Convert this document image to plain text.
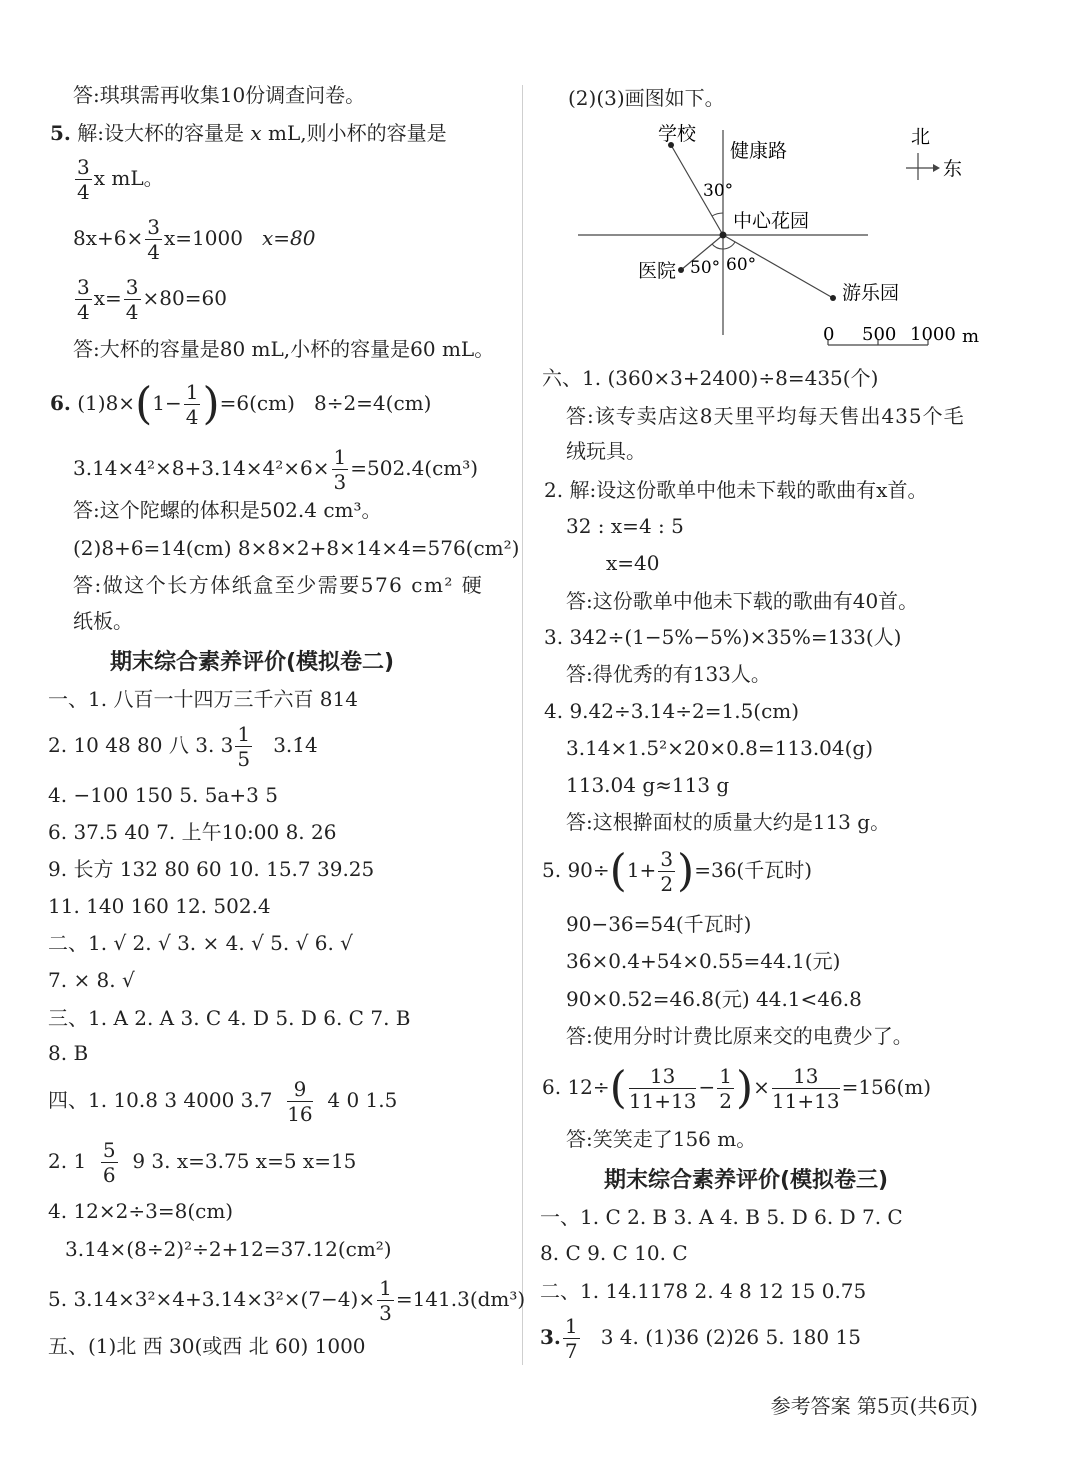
答:琪琪需再收集10份调查问卷。
5. 解:设大杯的容量是 x mL,则小杯的容量是
$\frac{3}{4}$ x mL。
$8x+6\times \frac{3}{4} x=1000$ x=80
$\frac{3}{4} x= \frac{3}{4} \times 80=60$
答:大杯的容量是80 mL,小杯的容量是60 mL。
6. $(1)8\times(1- \frac{1}{4} )=6(cm)$ 8÷2=4(cm)
$3.14\times 4^2\times 8+3.14\times 4^2\times 6\times \frac{1}{3} =502.4(cm^3)$
答:这个陀螺的体积是502.4 cm³。
(2)8+6=14(cm) 8×8×2+8×14×4=576(cm²)
答:做这个长方体纸盒至少需要576 cm² 硬
纸板。
期末综合素养评价(模拟卷二)
一、1. 八百一十四万三千六百 814
2. 10 48 80 八 3. $3 \frac{1}{5}$ 3.1̇4̇
4. −100 150 5. 5a+3 5
6. 37.5 40 7. 上午10:00 8. 26
9. 长方 132 80 60 10. 15.7 39.25
11. 140 160 12. 502.4
二、1. √ 2. √ 3. × 4. √ 5. √ 6. √
7. × 8. √
三、1. A 2. A 3. C 4. D 5. D 6. C 7. B
8. B
四、1. 10.8 3 4000 $3.7 \frac{9}{16} 4$ 0 1.5
2. $1 \frac{5}{6} 9$ 3. x=3.75 x=5 x=15
4. 12×2÷3=8(cm)
3.14×(8÷2)²÷2+12=37.12(cm²)
5. $3.14\times 3^2\times 4+3.14\times 3^2\times(7-4)\times \frac{1}{3} =141.3(dm^3)$
五、(1)北 西 30(或西 北 60) 1000
(2)(3)画图如下。
学校
健康路
北
东
30°
中心花园
医院 50° 60°
游乐园
0 500 1000 m
六、1. (360×3+2400)÷8=435(个)
答:该专卖店这8天里平均每天售出435个毛
绒玩具。
2. 解:设这份歌单中他未下载的歌曲有x首。
32 : x=4 : 5
x=40
答:这份歌单中他未下载的歌曲有40首。
3. 342÷(1−5%−5%)×35%=133(人)
答:得优秀的有133人。
4. 9.42÷3.14÷2=1.5(cm)
3.14×1.5²×20×0.8=113.04(g)
113.04 g≈113 g
答:这根擀面杖的质量大约是113 g。
5. $90\div(1+ \frac{3}{2} )=36$(千瓦时)
90−36=54(千瓦时)
36×0.4+54×0.55=44.1(元)
90×0.52=46.8(元) 44.1<46.8
答:使用分时计费比原来交的电费少了。
6. $12\div( \frac{13}{11+13} - \frac{1}{2}$ )× $\frac{13}{11+13} =156(m)$
答:笑笑走了156 m。
期末综合素养评价(模拟卷三)
一、1. C 2. B 3. A 4. B 5. D 6. D 7. C
8. C 9. C 10. C
二、1. 14.1178 2. 4 8 12 15 0.75
3. $\frac{1}{7} 3$ 4. (1)36 (2)26 5. 180 15
参考答案 第5页(共6页)
